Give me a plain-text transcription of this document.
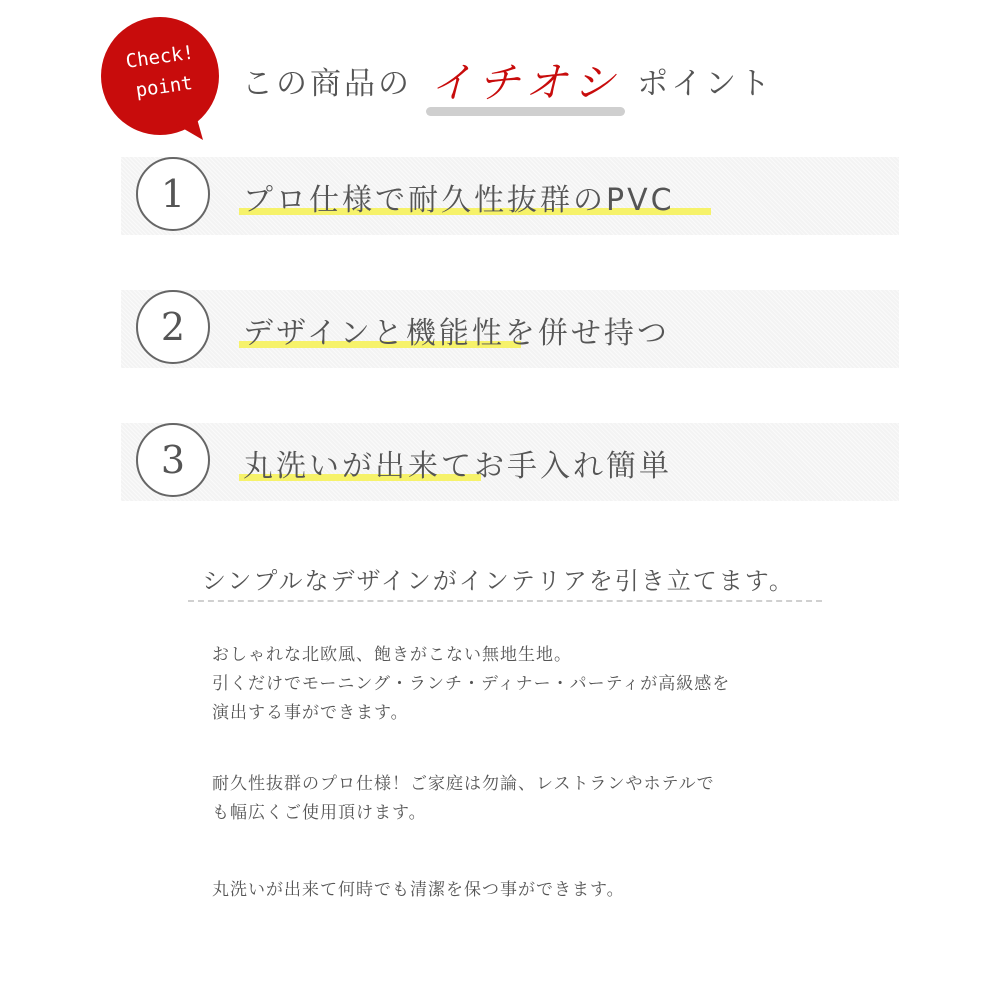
Check!
point	この商品の イチオシ ポイント
1	プロ仕様で耐久性抜群のPVC
2	デザインと機能性を併せ持つ
3	丸洗いが出来てお手入れ簡単
シンプルなデザインがインテリアを引き立てます。
おしゃれな北欧風、飽きがこない無地生地。
引くだけでモーニング・ランチ・ディナー・パーティが高級感を
演出する事ができます。
耐久性抜群のプロ仕様！ご家庭は勿論、レストランやホテルで
も幅広くご使用頂けます。
丸洗いが出来て何時でも清潔を保つ事ができます。
